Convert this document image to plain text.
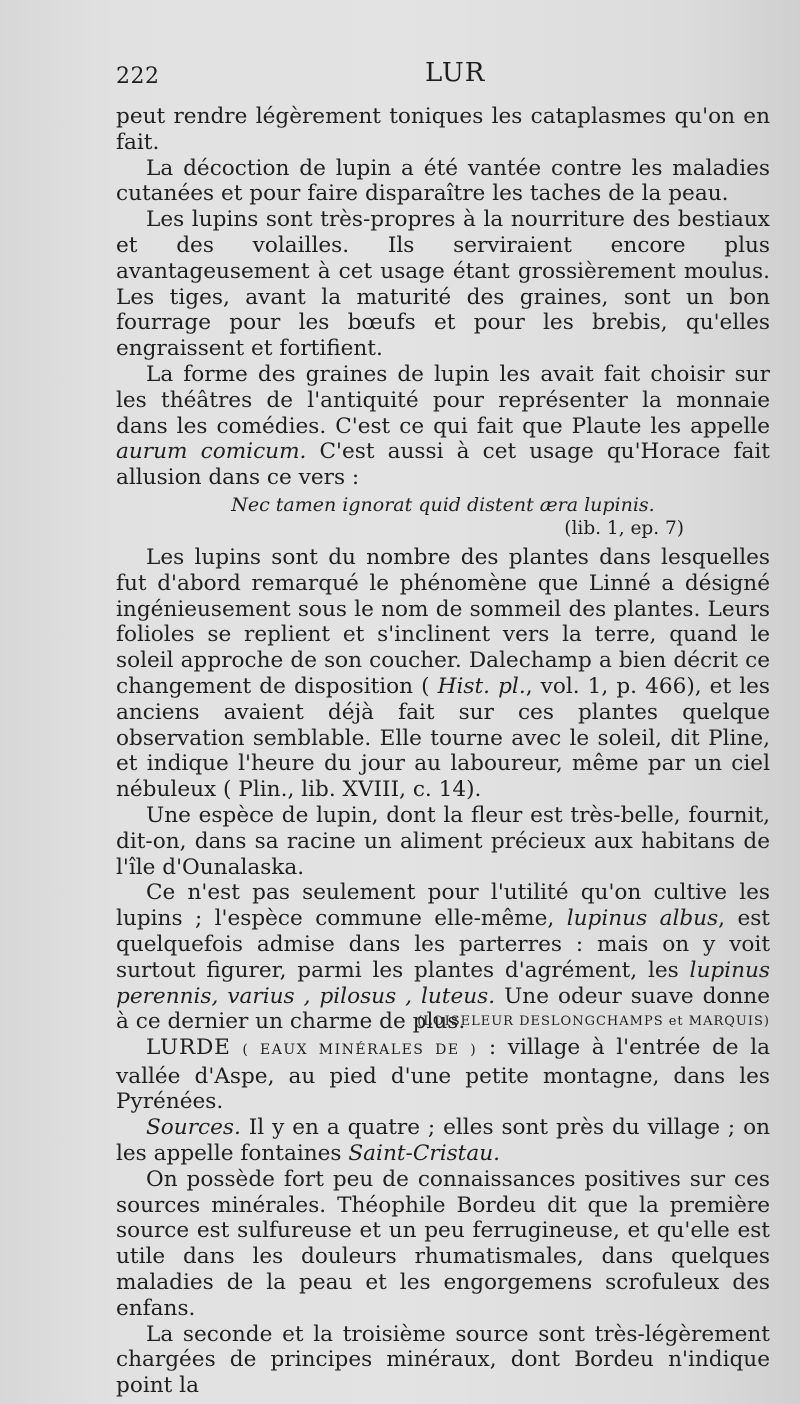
222	LUR

peut rendre légèrement toniques les cataplasmes qu'on en fait.

La décoction de lupin a été vantée contre les maladies cutanées et pour faire disparaître les taches de la peau.

Les lupins sont très-propres à la nourriture des bestiaux et des volailles. Ils serviraient encore plus avantageusement à cet usage étant grossièrement moulus. Les tiges, avant la maturité des graines, sont un bon fourrage pour les bœufs et pour les brebis, qu'elles engraissent et fortifient.

La forme des graines de lupin les avait fait choisir sur les théâtres de l'antiquité pour représenter la monnaie dans les comédies. C'est ce qui fait que Plaute les appelle aurum comicum. C'est aussi à cet usage qu'Horace fait allusion dans ce vers :

Nec tamen ignorat quid distent æra lupinis.
(lib. 1, ep. 7)

Les lupins sont du nombre des plantes dans lesquelles fut d'abord remarqué le phénomène que Linné a désigné ingénieusement sous le nom de sommeil des plantes. Leurs folioles se replient et s'inclinent vers la terre, quand le soleil approche de son coucher. Dalechamp a bien décrit ce changement de disposition ( Hist. pl., vol. 1, p. 466), et les anciens avaient déjà fait sur ces plantes quelque observation semblable. Elle tourne avec le soleil, dit Pline, et indique l'heure du jour au laboureur, même par un ciel nébuleux ( Plin., lib. XVIII, c. 14).

Une espèce de lupin, dont la fleur est très-belle, fournit, dit-on, dans sa racine un aliment précieux aux habitans de l'île d'Ounalaska.

Ce n'est pas seulement pour l'utilité qu'on cultive les lupins ; l'espèce commune elle-même, lupinus albus, est quelquefois admise dans les parterres : mais on y voit surtout figurer, parmi les plantes d'agrément, les lupinus perennis, varius , pilosus , luteus. Une odeur suave donne à ce dernier un charme de plus.

(LOISELEUR DESLONGCHAMPS et MARQUIS)

LURDE ( EAUX MINÉRALES DE ) : village à l'entrée de la vallée d'Aspe, au pied d'une petite montagne, dans les Pyrénées.

Sources. Il y en a quatre ; elles sont près du village ; on les appelle fontaines Saint-Cristau.

On possède fort peu de connaissances positives sur ces sources minérales. Théophile Bordeu dit que la première source est sulfureuse et un peu ferrugineuse, et qu'elle est utile dans les douleurs rhumatismales, dans quelques maladies de la peau et les engorgemens scrofuleux des enfans.

La seconde et la troisième source sont très-légèrement chargées de principes minéraux, dont Bordeu n'indique point la
